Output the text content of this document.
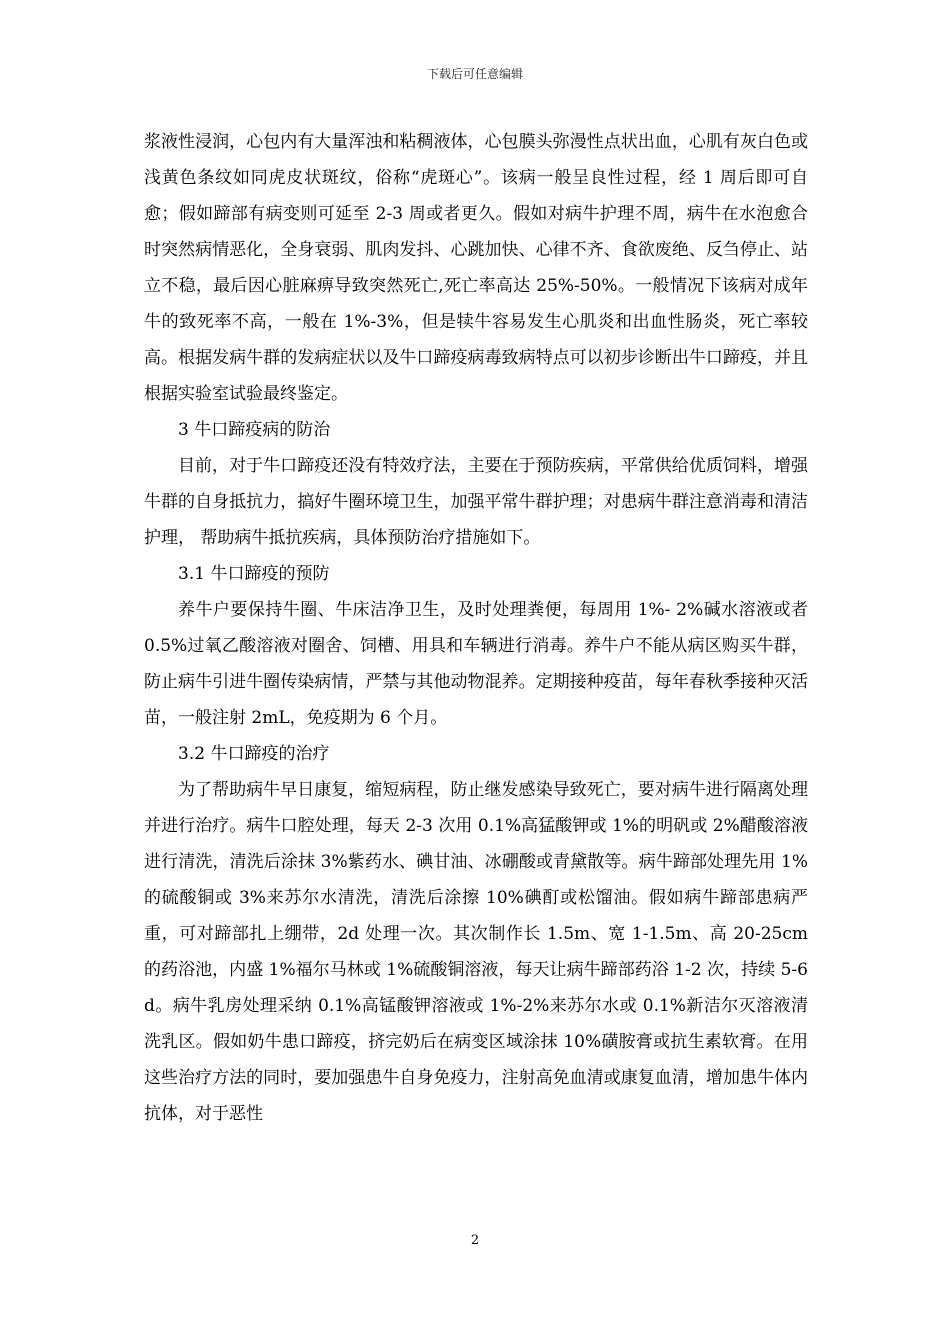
下载后可任意编辑

浆液性浸润，心包内有大量浑浊和粘稠液体，心包膜头弥漫性点状出血，心肌有灰白色或浅黄色条纹如同虎皮状斑纹，俗称“虎斑心”。该病一般呈良性过程，经 1 周后即可自愈；假如蹄部有病变则可延至 2-3 周或者更久。假如对病牛护理不周，病牛在水泡愈合时突然病情恶化，全身衰弱、肌肉发抖、心跳加快、心律不齐、食欲废绝、反刍停止、站立不稳，最后因心脏麻痹导致突然死亡,死亡率高达 25%-50%。一般情况下该病对成年牛的致死率不高，一般在 1%-3%，但是犊牛容易发生心肌炎和出血性肠炎，死亡率较高。根据发病牛群的发病症状以及牛口蹄疫病毒致病特点可以初步诊断出牛口蹄疫，并且根据实验室试验最终鉴定。

3 牛口蹄疫病的防治

目前，对于牛口蹄疫还没有特效疗法，主要在于预防疾病，平常供给优质饲料，增强牛群的自身抵抗力，搞好牛圈环境卫生，加强平常牛群护理；对患病牛群注意消毒和清洁护理， 帮助病牛抵抗疾病，具体预防治疗措施如下。

3.1 牛口蹄疫的预防

养牛户要保持牛圈、牛床洁净卫生，及时处理粪便，每周用 1%- 2%碱水溶液或者 0.5%过氧乙酸溶液对圈舍、饲槽、用具和车辆进行消毒。养牛户不能从病区购买牛群，防止病牛引进牛圈传染病情，严禁与其他动物混养。定期接种疫苗，每年春秋季接种灭活苗，一般注射 2mL，免疫期为 6 个月。

3.2 牛口蹄疫的治疗

为了帮助病牛早日康复，缩短病程，防止继发感染导致死亡，要对病牛进行隔离处理并进行治疗。病牛口腔处理，每天 2-3 次用 0.1%高猛酸钾或 1%的明矾或 2%醋酸溶液进行清洗，清洗后涂抹 3%紫药水、碘甘油、冰硼酸或青黛散等。病牛蹄部处理先用 1%的硫酸铜或 3%来苏尔水清洗，清洗后涂擦 10%碘酊或松馏油。假如病牛蹄部患病严重，可对蹄部扎上绷带，2d 处理一次。其次制作长 1.5m、宽 1-1.5m、高 20-25cm 的药浴池，内盛 1%福尔马林或 1%硫酸铜溶液，每天让病牛蹄部药浴 1-2 次，持续 5-6d。病牛乳房处理采纳 0.1%高锰酸钾溶液或 1%-2%来苏尔水或 0.1%新洁尔灭溶液清洗乳区。假如奶牛患口蹄疫，挤完奶后在病变区域涂抹 10%磺胺膏或抗生素软膏。在用这些治疗方法的同时，要加强患牛自身免疫力，注射高免血清或康复血清，增加患牛体内抗体，对于恶性

2
